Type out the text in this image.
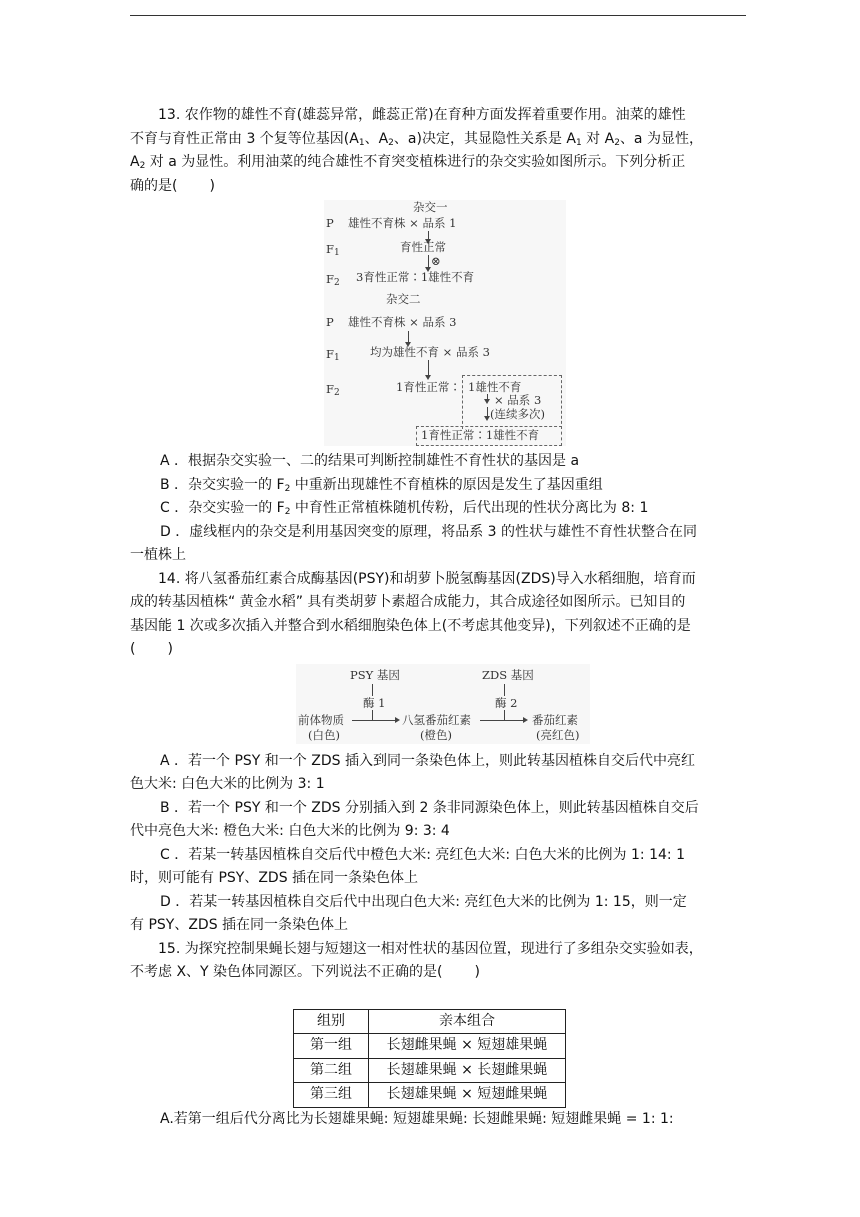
13. 农作物的雄性不育(雄蕊异常，雌蕊正常)在育种方面发挥着重要作用。油菜的雄性

不育与育性正常由 3 个复等位基因($A_1$、$A_2$、a)决定，其显隐性关系是 $A_1$ 对 $A_2$、a 为显性，

$A_2$ 对 a 为显性。利用油菜的纯合雄性不育突变植株进行的杂交实验如图所示。下列分析正

确的是( )

杂交一
P 雄性不育株 × 品系 1
$F_1$	育性正常
⊗
$F_2$ 3育性正常∶1雄性不育
杂交二
P 雄性不育株 × 品系 3
$F_1$	均为雄性不育 × 品系 3
$F_2$	1育性正常∶ 1雄性不育
× 品系 3
(连续多次)
1育性正常∶1雄性不育

A ．根据杂交实验一、二的结果可判断控制雄性不育性状的基因是 a

B ．杂交实验一的 $F_2$ 中重新出现雄性不育植株的原因是发生了基因重组

C ．杂交实验一的 $F_2$ 中育性正常植株随机传粉，后代出现的性状分离比为 8: 1

D ．虚线框内的杂交是利用基因突变的原理，将品系 3 的性状与雄性不育性状整合在同

一植株上

14. 将八氢番茄红素合成酶基因(PSY)和胡萝卜脱氢酶基因(ZDS)导入水稻细胞，培育而

成的转基因植株“ 黄金水稻” 具有类胡萝卜素超合成能力，其合成途径如图所示。已知目的

基因能 1 次或多次插入并整合到水稻细胞染色体上(不考虑其他变异)，下列叙述不正确的是

( )

PSY 基因	ZDS 基因
酶 1	酶 2
前体物质	八氢番茄红素	番茄红素
(白色)	(橙色)	(亮红色)

A ．若一个 PSY 和一个 ZDS 插入到同一条染色体上，则此转基因植株自交后代中亮红

色大米: 白色大米的比例为 3: 1

B ．若一个 PSY 和一个 ZDS 分别插入到 2 条非同源染色体上，则此转基因植株自交后

代中亮色大米: 橙色大米: 白色大米的比例为 9: 3: 4

C ．若某一转基因植株自交后代中橙色大米: 亮红色大米: 白色大米的比例为 1: 14: 1

时，则可能有 PSY、ZDS 插在同一条染色体上

D ．若某一转基因植株自交后代中出现白色大米: 亮红色大米的比例为 1: 15，则一定

有 PSY、ZDS 插在同一条染色体上

15. 为探究控制果蝇长翅与短翅这一相对性状的基因位置，现进行了多组杂交实验如表，

不考虑 X、Y 染色体同源区。下列说法不正确的是( )

组别	亲本组合
第一组	长翅雌果蝇 × 短翅雄果蝇
第二组	长翅雄果蝇 × 长翅雌果蝇
第三组	长翅雄果蝇 × 短翅雌果蝇

A.若第一组后代分离比为长翅雄果蝇: 短翅雄果蝇: 长翅雌果蝇: 短翅雌果蝇 = 1: 1:
